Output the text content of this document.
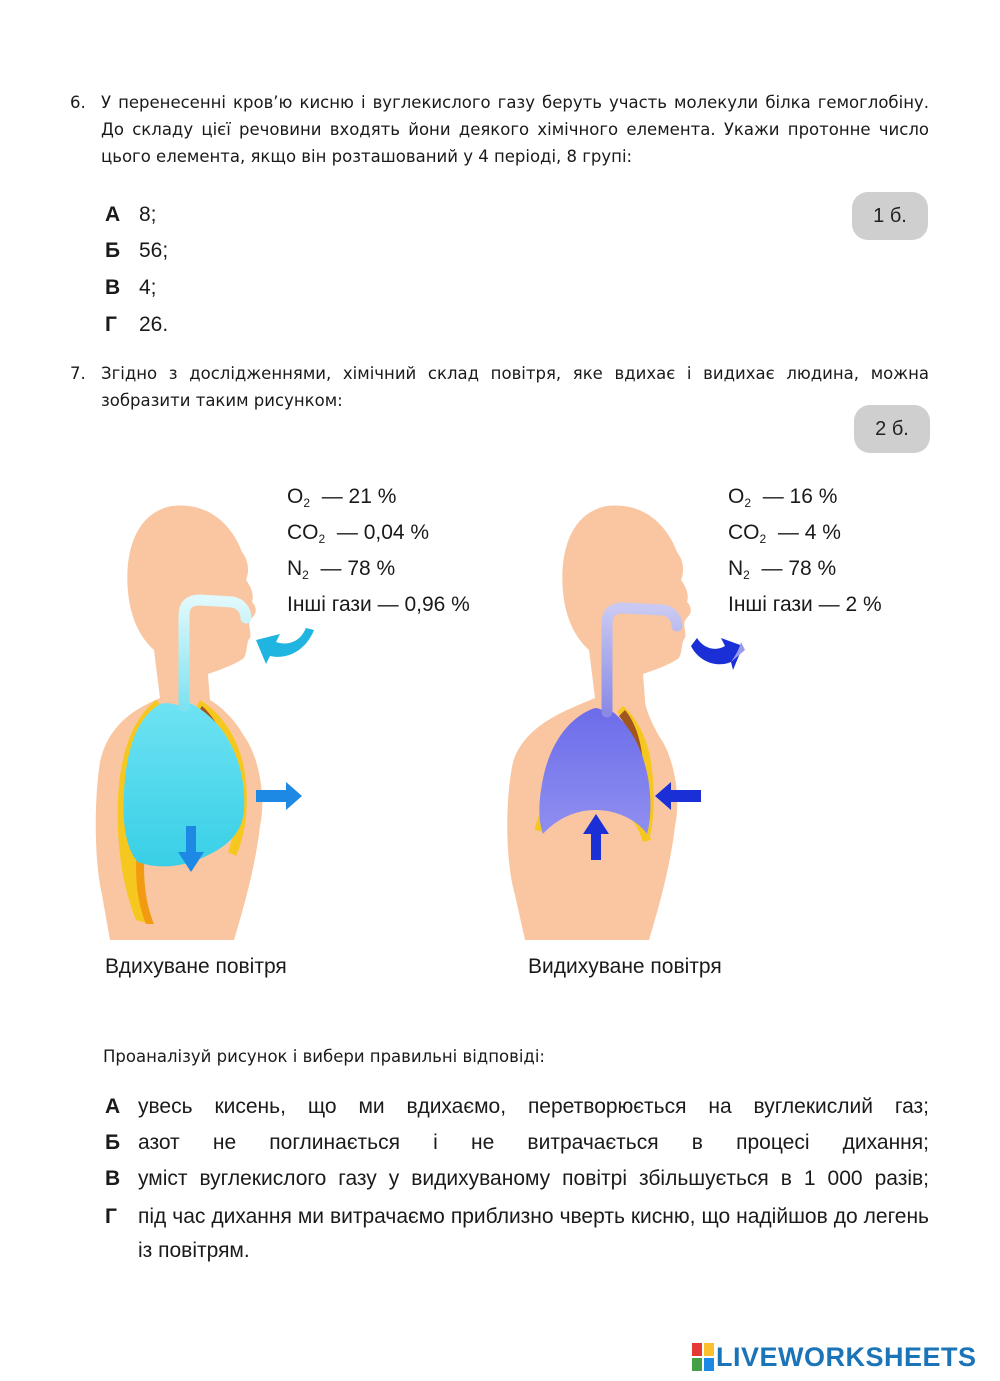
6. У перенесенні кров’ю кисню і вуглекислого газу беруть участь молекули білка гемоглобіну. До складу цієї речовини входять йони деякого хімічного елемента. Укажи протонне число цього елемента, якщо він розташований у 4 періоді, 8 групі:
1 б.
А 8;
Б 56;
В 4;
Г 26.
7. Згідно з дослідженнями, хімічний склад повітря, яке вдихає і видихає людина, можна зобразити таким рисунком:
2 б.
$O_2$ — 21 %
$CO_2$ — 0,04 %
$N_2$ — 78 %
Інші гази — 0,96 %
$O_2$ — 16 %
$CO_2$ — 4 %
$N_2$ — 78 %
Інші гази — 2 %
Вдихуване повітря	Видихуване повітря
Проаналізуй рисунок і вибери правильні відповіді:
А увесь кисень, що ми вдихаємо, перетворюється на вуглекислий газ;
Б азот не поглинається і не витрачається в процесі дихання;
В уміст вуглекислого газу у видихуваному повітрі збільшується в 1 000 разів;
Г під час дихання ми витрачаємо приблизно чверть кисню, що надійшов до легень із повітрям.
LIVEWORKSHEETS
